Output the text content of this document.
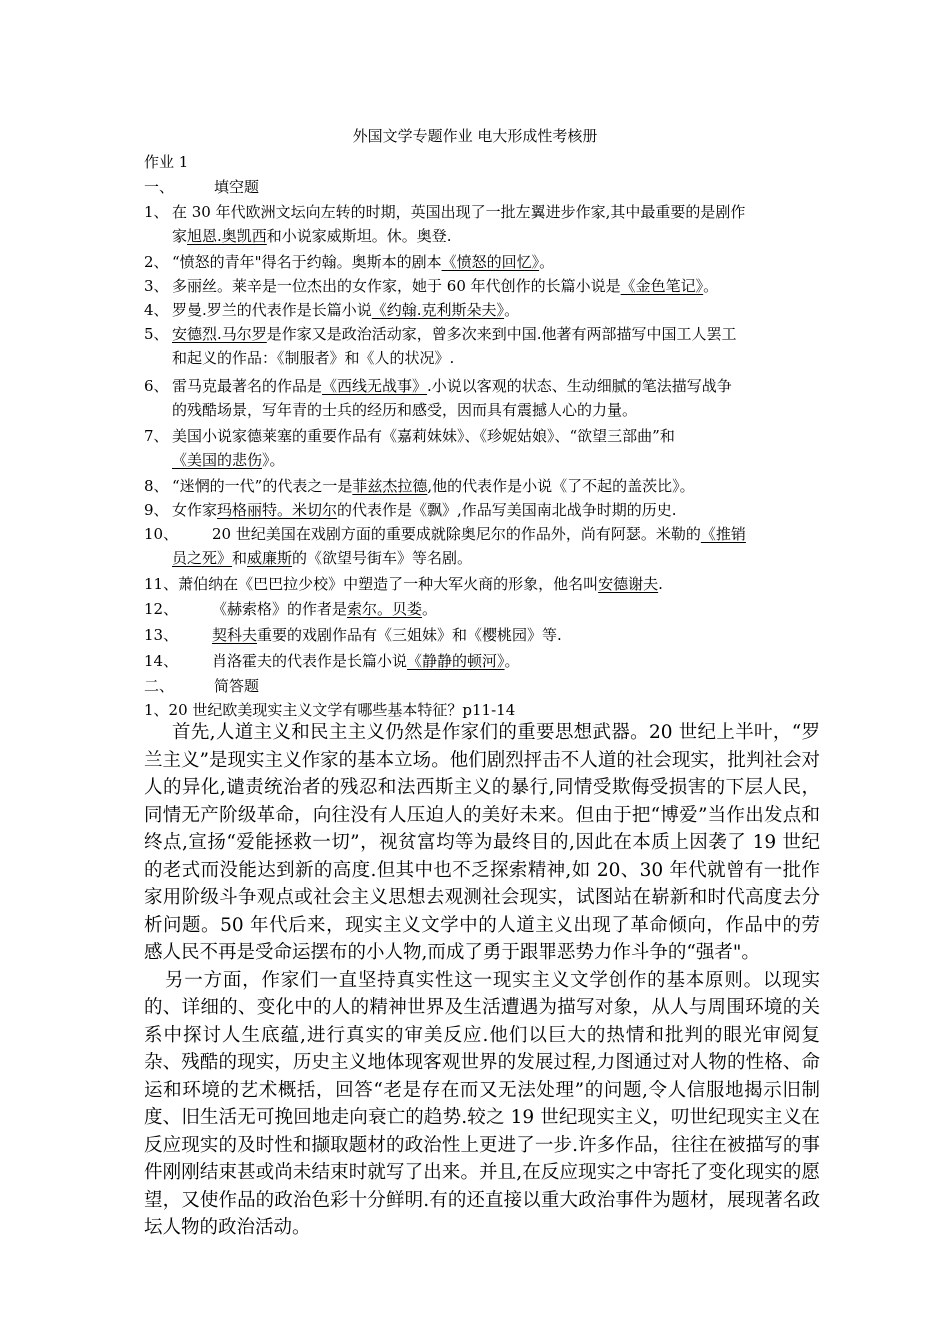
外国文学专题作业 电大形成性考核册
作业 1
一、	填空题
1、 在 30 年代欧洲文坛向左转的时期，英国出现了一批左翼进步作家,其中最重要的是剧作
家旭恩.奥凯西和小说家威斯坦。休。奥登.
2、 “愤怒的青年"得名于约翰。奥斯本的剧本《愤怒的回忆》。
3、 多丽丝。莱辛是一位杰出的女作家，她于 60 年代创作的长篇小说是《金色笔记》。
4、 罗曼.罗兰的代表作是长篇小说《约翰.克利斯朵夫》。
5、 安德烈.马尔罗是作家又是政治活动家，曾多次来到中国.他著有两部描写中国工人罢工
和起义的作品：《制服者》和《人的状况》.
6、 雷马克最著名的作品是《西线无战事》.小说以客观的状态、生动细腻的笔法描写战争
的残酷场景，写年青的士兵的经历和感受，因而具有震撼人心的力量。
7、 美国小说家德莱塞的重要作品有《嘉莉妹妹》、《珍妮姑娘》、“欲望三部曲”和
《美国的悲伤》。
8、 “迷惘的一代”的代表之一是菲兹杰拉德,他的代表作是小说《了不起的盖茨比》。
9、 女作家玛格丽特。米切尔的代表作是《飘》,作品写美国南北战争时期的历史.
10、	20 世纪美国在戏剧方面的重要成就除奥尼尔的作品外，尚有阿瑟。米勒的《推销
员之死》和威廉斯的《欲望号街车》等名剧。
11、萧伯纳在《巴巴拉少校》中塑造了一种大军火商的形象，他名叫安德谢夫.
12、	《赫索格》的作者是索尔。贝娄。
13、	契科夫重要的戏剧作品有《三姐妹》和《樱桃园》等.
14、	肖洛霍夫的代表作是长篇小说《静静的顿河》。
二、	简答题
1、20 世纪欧美现实主义文学有哪些基本特征？p11-14

首先,人道主义和民主主义仍然是作家们的重要思想武器。20 世纪上半叶，“罗兰主义”是现实主义作家的基本立场。他们剧烈抨击不人道的社会现实，批判社会对人的异化,谴责统治者的残忍和法西斯主义的暴行,同情受欺侮受损害的下层人民，同情无产阶级革命，向往没有人压迫人的美好未来。但由于把“博爱”当作出发点和终点,宣扬“爱能拯救一切”，视贫富均等为最终目的,因此在本质上因袭了 19 世纪的老式而没能达到新的高度.但其中也不乏探索精神,如 20、30 年代就曾有一批作家用阶级斗争观点或社会主义思想去观测社会现实，试图站在崭新和时代高度去分析问题。50 年代后来，现实主义文学中的人道主义出现了革命倾向，作品中的劳感人民不再是受命运摆布的小人物,而成了勇于跟罪恶势力作斗争的“强者"。

另一方面，作家们一直坚持真实性这一现实主义文学创作的基本原则。以现实的、详细的、变化中的人的精神世界及生活遭遇为描写对象，从人与周围环境的关系中探讨人生底蕴,进行真实的审美反应.他们以巨大的热情和批判的眼光审阅复杂、残酷的现实，历史主义地体现客观世界的发展过程,力图通过对人物的性格、命运和环境的艺术概括，回答“老是存在而又无法处理”的问题,令人信服地揭示旧制度、旧生活无可挽回地走向衰亡的趋势.较之 19 世纪现实主义，叨世纪现实主义在反应现实的及时性和撷取题材的政治性上更进了一步.许多作品，往往在被描写的事件刚刚结束甚或尚未结束时就写了出来。并且,在反应现实之中寄托了变化现实的愿望，又使作品的政治色彩十分鲜明.有的还直接以重大政治事件为题材，展现著名政坛人物的政治活动。
